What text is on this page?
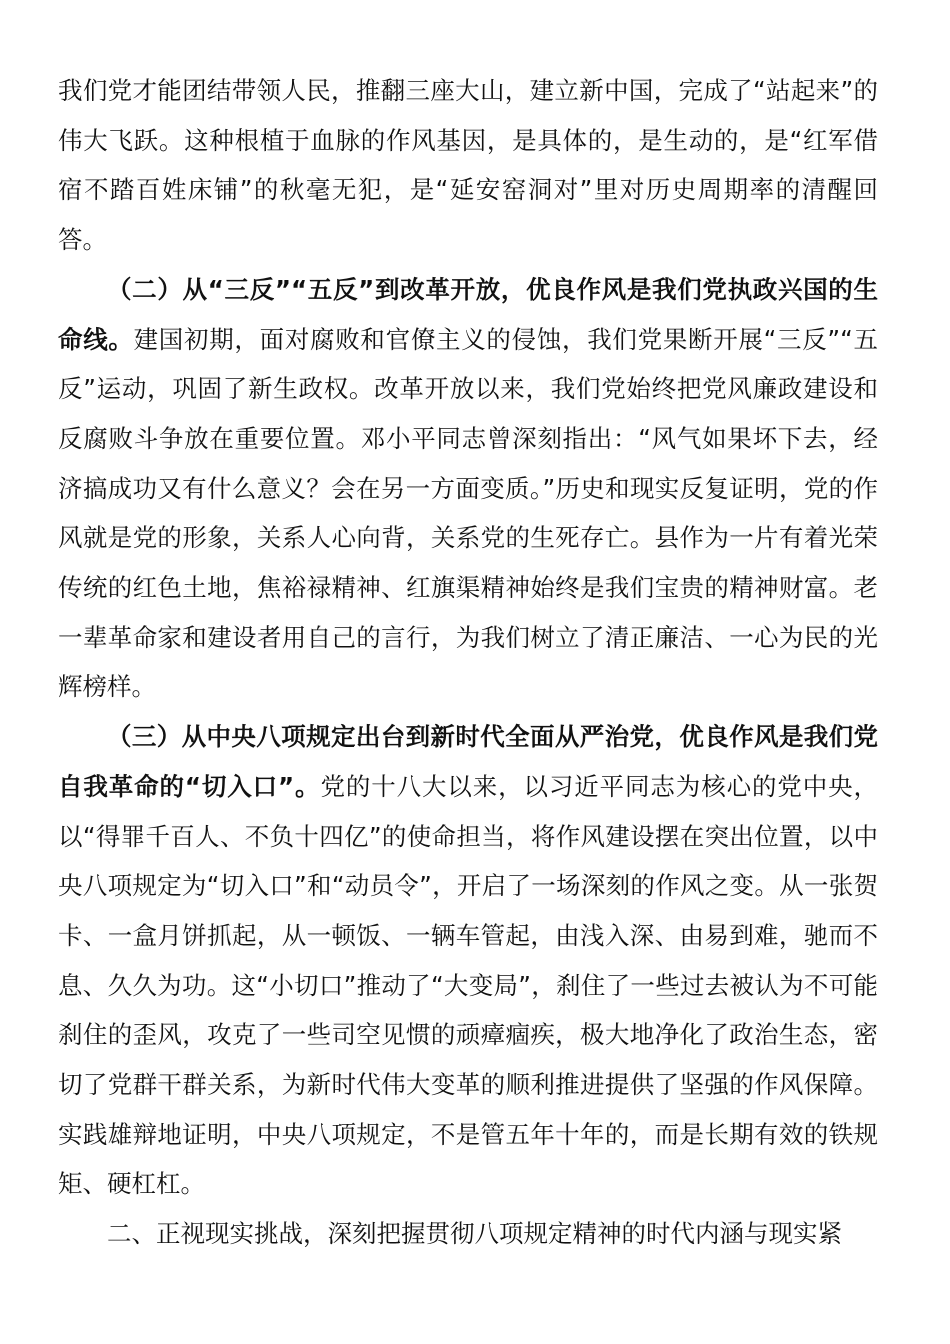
我们党才能团结带领人民，推翻三座大山，建立新中国，完成了“站起来”的伟大飞跃。这种根植于血脉的作风基因，是具体的，是生动的，是“红军借宿不踏百姓床铺”的秋毫无犯，是“延安窑洞对”里对历史周期率的清醒回答。

（二）从“三反”“五反”到改革开放，优良作风是我们党执政兴国的生命线。建国初期，面对腐败和官僚主义的侵蚀，我们党果断开展“三反”“五反”运动，巩固了新生政权。改革开放以来，我们党始终把党风廉政建设和反腐败斗争放在重要位置。邓小平同志曾深刻指出：“风气如果坏下去，经济搞成功又有什么意义？会在另一方面变质。”历史和现实反复证明，党的作风就是党的形象，关系人心向背，关系党的生死存亡。县作为一片有着光荣传统的红色土地，焦裕禄精神、红旗渠精神始终是我们宝贵的精神财富。老一辈革命家和建设者用自己的言行，为我们树立了清正廉洁、一心为民的光辉榜样。

（三）从中央八项规定出台到新时代全面从严治党，优良作风是我们党自我革命的“切入口”。党的十八大以来，以习近平同志为核心的党中央，以“得罪千百人、不负十四亿”的使命担当，将作风建设摆在突出位置，以中央八项规定为“切入口”和“动员令”，开启了一场深刻的作风之变。从一张贺卡、一盒月饼抓起，从一顿饭、一辆车管起，由浅入深、由易到难，驰而不息、久久为功。这“小切口”推动了“大变局”，刹住了一些过去被认为不可能刹住的歪风，攻克了一些司空见惯的顽瘴痼疾，极大地净化了政治生态，密切了党群干群关系，为新时代伟大变革的顺利推进提供了坚强的作风保障。实践雄辩地证明，中央八项规定，不是管五年十年的，而是长期有效的铁规矩、硬杠杠。

二、正视现实挑战，深刻把握贯彻八项规定精神的时代内涵与现实紧
